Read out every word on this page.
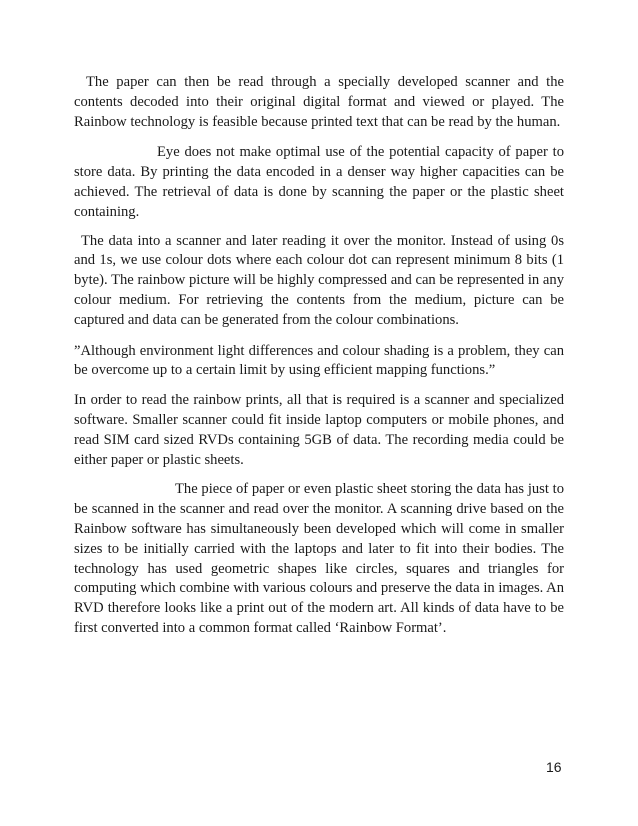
The paper can then be read through a specially developed scanner and the contents decoded into their original digital format and viewed or played. The Rainbow technology is feasible because printed text that can be read by the human.

Eye does not make optimal use of the potential capacity of paper to store data. By printing the data encoded in a denser way higher capacities can be achieved. The retrieval of data is done by scanning the paper or the plastic sheet containing.

The data into a scanner and later reading it over the monitor. Instead of using 0s and 1s, we use colour dots where each colour dot can represent minimum 8 bits (1 byte). The rainbow picture will be highly compressed and can be represented in any colour medium. For retrieving the contents from the medium, picture can be captured and data can be generated from the colour combinations.

”Although environment light differences and colour shading is a problem, they can be overcome up to a certain limit by using efficient mapping functions.”

In order to read the rainbow prints, all that is required is a scanner and specialized software. Smaller scanner could fit inside laptop computers or mobile phones, and read SIM card sized RVDs containing 5GB of data. The recording media could be either paper or plastic sheets.

The piece of paper or even plastic sheet storing the data has just to be scanned in the scanner and read over the monitor. A scanning drive based on the Rainbow software has simultaneously been developed which will come in smaller sizes to be initially carried with the laptops and later to fit into their bodies. The technology has used geometric shapes like circles, squares and triangles for computing which combine with various colours and preserve the data in images. An RVD therefore looks like a print out of the modern art. All kinds of data have to be first converted into a common format called ‘Rainbow Format’.

16
